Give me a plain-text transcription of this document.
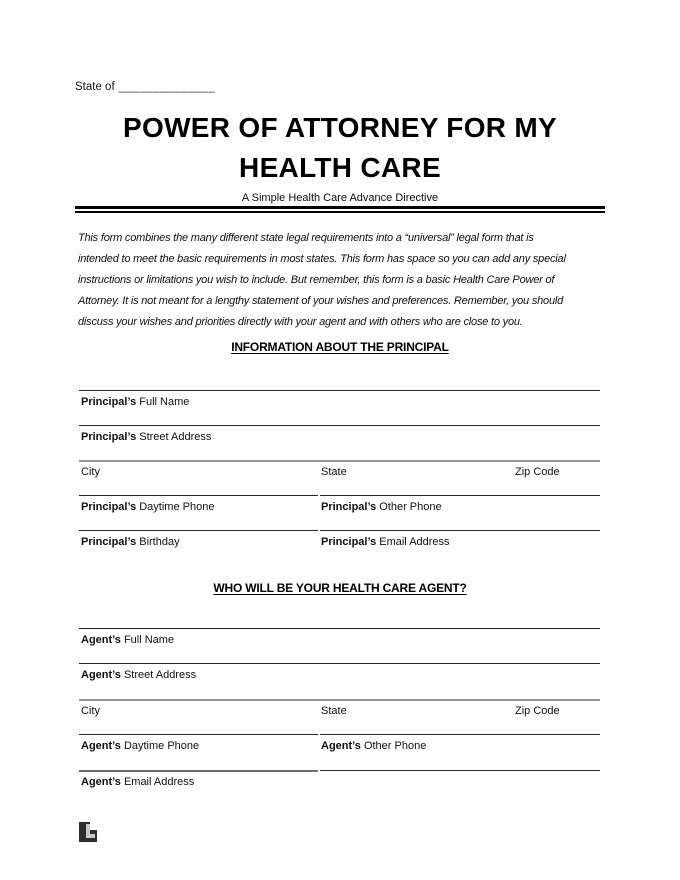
State of ______________
POWER OF ATTORNEY FOR MY
HEALTH CARE
A Simple Health Care Advance Directive
This form combines the many different state legal requirements into a “universal” legal form that is
intended to meet the basic requirements in most states. This form has space so you can add any special
instructions or limitations you wish to include. But remember, this form is a basic Health Care Power of
Attorney. It is not meant for a lengthy statement of your wishes and preferences. Remember, you should
discuss your wishes and priorities directly with your agent and with others who are close to you.
INFORMATION ABOUT THE PRINCIPAL
Principal’s Full Name
Principal’s Street Address
City	State	Zip Code
Principal’s Daytime Phone	Principal’s Other Phone
Principal’s Birthday	Principal’s Email Address
WHO WILL BE YOUR HEALTH CARE AGENT?
Agent’s Full Name
Agent’s Street Address
City	State	Zip Code
Agent’s Daytime Phone	Agent’s Other Phone
Agent’s Email Address
